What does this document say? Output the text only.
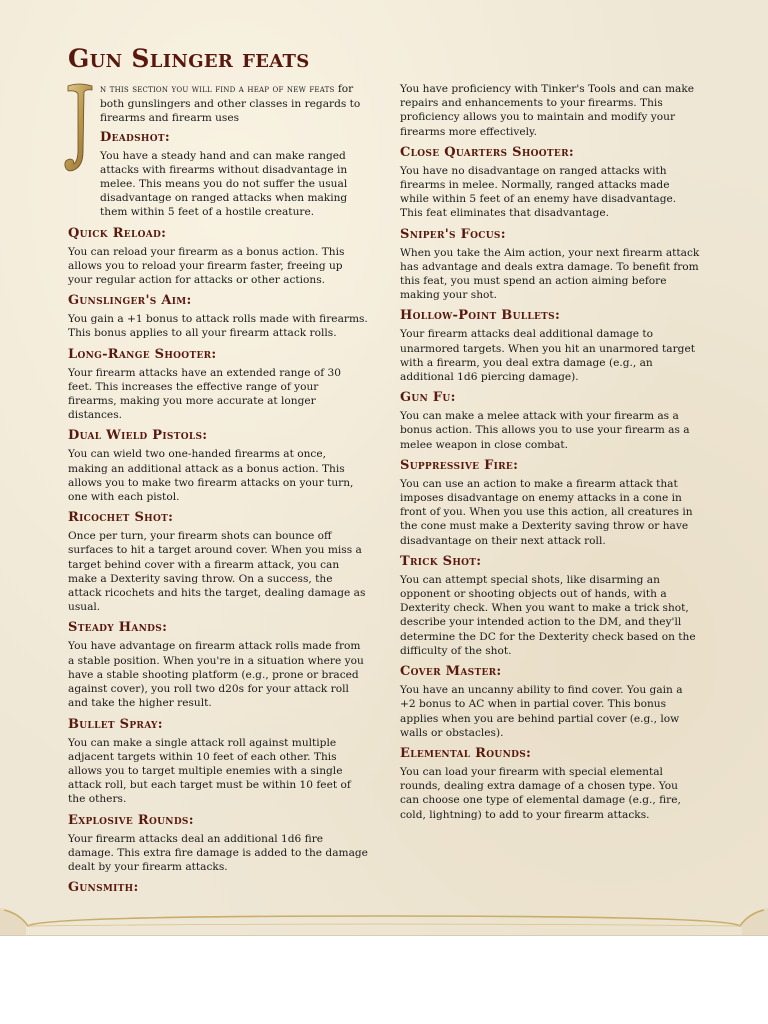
Gun Slinger feats
I

n this section you will find a heap of new feats for both gunslingers and other classes in regards to firearms and firearm uses

Deadshot:

You have a steady hand and can make ranged attacks with firearms without disadvantage in melee. This means you do not suffer the usual disadvantage on ranged attacks when making them within 5 feet of a hostile creature.

Quick Reload:

You can reload your firearm as a bonus action. This allows you to reload your firearm faster, freeing up your regular action for attacks or other actions.

Gunslinger's Aim:

You gain a +1 bonus to attack rolls made with firearms. This bonus applies to all your firearm attack rolls.

Long-Range Shooter:

Your firearm attacks have an extended range of 30 feet. This increases the effective range of your firearms, making you more accurate at longer distances.

Dual Wield Pistols:

You can wield two one-handed firearms at once, making an additional attack as a bonus action. This allows you to make two firearm attacks on your turn, one with each pistol.

Ricochet Shot:

Once per turn, your firearm shots can bounce off surfaces to hit a target around cover. When you miss a target behind cover with a firearm attack, you can make a Dexterity saving throw. On a success, the attack ricochets and hits the target, dealing damage as usual.

Steady Hands:

You have advantage on firearm attack rolls made from a stable position. When you're in a situation where you have a stable shooting platform (e.g., prone or braced against cover), you roll two d20s for your attack roll and take the higher result.

Bullet Spray:

You can make a single attack roll against multiple adjacent targets within 10 feet of each other. This allows you to target multiple enemies with a single attack roll, but each target must be within 10 feet of the others.

Explosive Rounds:

Your firearm attacks deal an additional 1d6 fire damage. This extra fire damage is added to the damage dealt by your firearm attacks.

Gunsmith:

You have proficiency with Tinker's Tools and can make repairs and enhancements to your firearms. This proficiency allows you to maintain and modify your firearms more effectively.

Close Quarters Shooter:

You have no disadvantage on ranged attacks with firearms in melee. Normally, ranged attacks made while within 5 feet of an enemy have disadvantage. This feat eliminates that disadvantage.

Sniper's Focus:

When you take the Aim action, your next firearm attack has advantage and deals extra damage. To benefit from this feat, you must spend an action aiming before making your shot.

Hollow-Point Bullets:

Your firearm attacks deal additional damage to unarmored targets. When you hit an unarmored target with a firearm, you deal extra damage (e.g., an additional 1d6 piercing damage).

Gun Fu:

You can make a melee attack with your firearm as a bonus action. This allows you to use your firearm as a melee weapon in close combat.

Suppressive Fire:

You can use an action to make a firearm attack that imposes disadvantage on enemy attacks in a cone in front of you. When you use this action, all creatures in the cone must make a Dexterity saving throw or have disadvantage on their next attack roll.

Trick Shot:

You can attempt special shots, like disarming an opponent or shooting objects out of hands, with a Dexterity check. When you want to make a trick shot, describe your intended action to the DM, and they'll determine the DC for the Dexterity check based on the difficulty of the shot.

Cover Master:

You have an uncanny ability to find cover. You gain a +2 bonus to AC when in partial cover. This bonus applies when you are behind partial cover (e.g., low walls or obstacles).

Elemental Rounds:

You can load your firearm with special elemental rounds, dealing extra damage of a chosen type. You can choose one type of elemental damage (e.g., fire, cold, lightning) to add to your firearm attacks.
